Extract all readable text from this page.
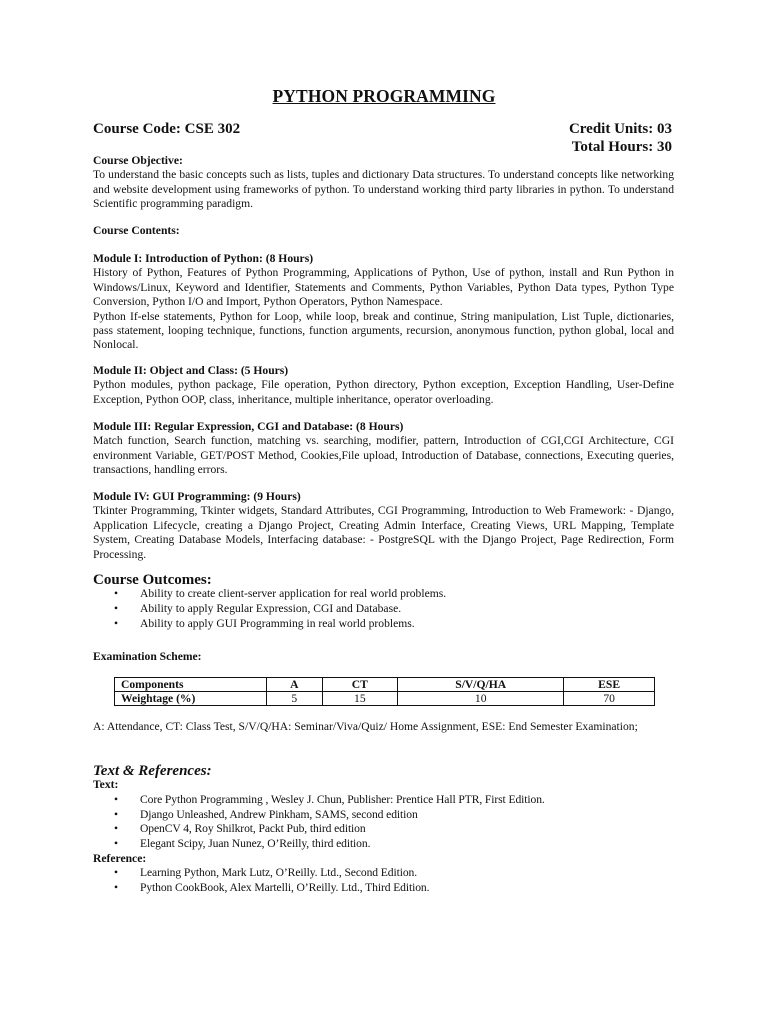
PYTHON PROGRAMMING
Course Code: CSE 302	Credit Units: 03
Total Hours: 30
Course Objective:

To understand the basic concepts such as lists, tuples and dictionary Data structures. To understand concepts like networking and website development using frameworks of python. To understand working third party libraries in python. To understand Scientific programming paradigm.

Course Contents:
Module I: Introduction of Python: (8 Hours)

History of Python, Features of Python Programming, Applications of Python, Use of python, install and Run Python in Windows/Linux, Keyword and Identifier, Statements and Comments, Python Variables, Python Data types, Python Type Conversion, Python I/O and Import, Python Operators, Python Namespace.

Python If-else statements, Python for Loop, while loop, break and continue, String manipulation, List Tuple, dictionaries, pass statement, looping technique, functions, function arguments, recursion, anonymous function, python global, local and Nonlocal.

Module II: Object and Class: (5 Hours)

Python modules, python package, File operation, Python directory, Python exception, Exception Handling, User-Define Exception, Python OOP, class, inheritance, multiple inheritance, operator overloading.

Module III: Regular Expression, CGI and Database: (8 Hours)

Match function, Search function, matching vs. searching, modifier, pattern, Introduction of CGI,CGI Architecture, CGI environment Variable, GET/POST Method, Cookies,File upload, Introduction of Database, connections, Executing queries, transactions, handling errors.

Module IV: GUI Programming: (9 Hours)

Tkinter Programming, Tkinter widgets, Standard Attributes, CGI Programming, Introduction to Web Framework: - Django, Application Lifecycle, creating a Django Project, Creating Admin Interface, Creating Views, URL Mapping, Template System, Creating Database Models, Interfacing database: - PostgreSQL with the Django Project, Page Redirection, Form Processing.

Course Outcomes:
• Ability to create client-server application for real world problems.
• Ability to apply Regular Expression, CGI and Database.
• Ability to apply GUI Programming in real world problems.
Examination Scheme:
Components	A	CT	S/V/Q/HA	ESE
Weightage (%)	5	15	10	70

A: Attendance, CT: Class Test, S/V/Q/HA: Seminar/Viva/Quiz/ Home Assignment, ESE: End Semester Examination;

Text & References:
Text:
• Core Python Programming , Wesley J. Chun, Publisher: Prentice Hall PTR, First Edition.
• Django Unleashed, Andrew Pinkham, SAMS, second edition
• OpenCV 4, Roy Shilkrot, Packt Pub, third edition
• Elegant Scipy, Juan Nunez, O’Reilly, third edition.
Reference:
• Learning Python, Mark Lutz, O’Reilly. Ltd., Second Edition.
• Python CookBook, Alex Martelli, O’Reilly. Ltd., Third Edition.
